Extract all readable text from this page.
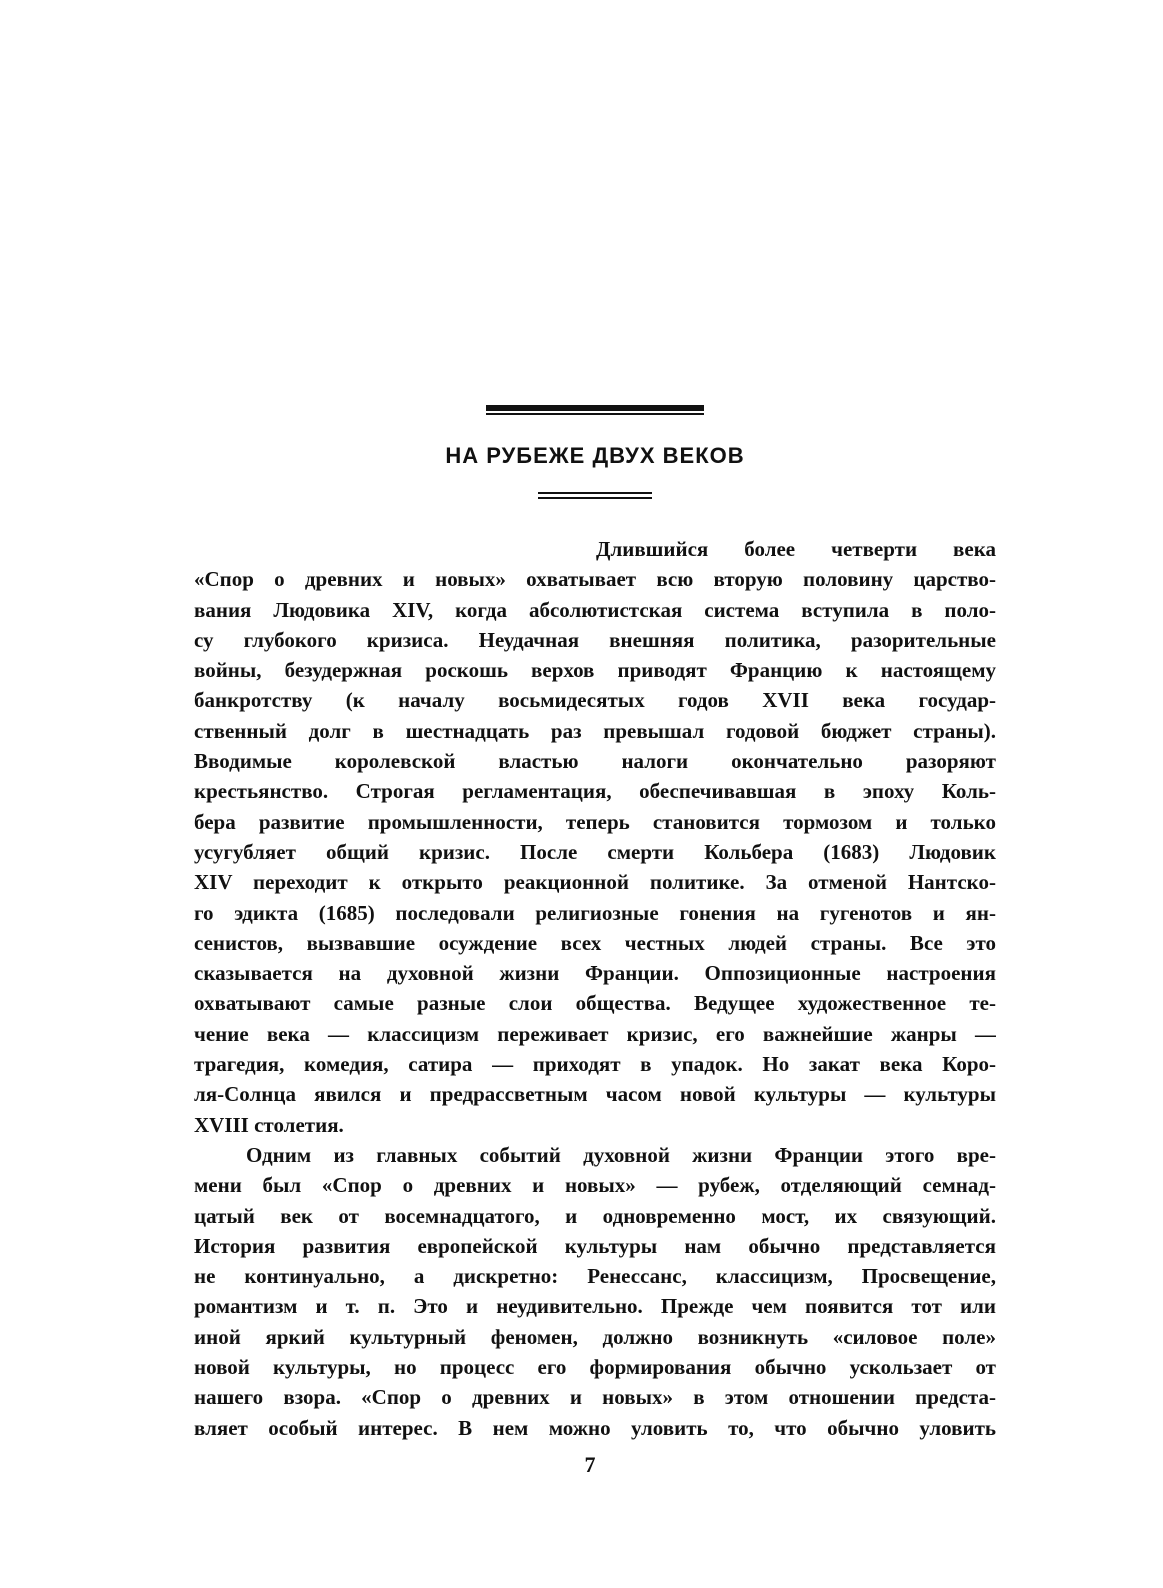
НА РУБЕЖЕ ДВУХ ВЕКОВ
Длившийся более четверти века
«Спор о древних и новых» охватывает всю вторую половину царство-
вания Людовика XIV, когда абсолютистская система вступила в поло-
су глубокого кризиса. Неудачная внешняя политика, разорительные
войны, безудержная роскошь верхов приводят Францию к настоящему
банкротству (к началу восьмидесятых годов XVII века государ-
ственный долг в шестнадцать раз превышал годовой бюджет страны).
Вводимые королевской властью налоги окончательно разоряют
крестьянство. Строгая регламентация, обеспечивавшая в эпоху Коль-
бера развитие промышленности, теперь становится тормозом и только
усугубляет общий кризис. После смерти Кольбера (1683) Людовик
XIV переходит к открыто реакционной политике. За отменой Нантско-
го эдикта (1685) последовали религиозные гонения на гугенотов и ян-
сенистов, вызвавшие осуждение всех честных людей страны. Все это
сказывается на духовной жизни Франции. Оппозиционные настроения
охватывают самые разные слои общества. Ведущее художественное те-
чение века — классицизм переживает кризис, его важнейшие жанры —
трагедия, комедия, сатира — приходят в упадок. Но закат века Коро-
ля-Солнца явился и предрассветным часом новой культуры — культуры
XVIII столетия.
Одним из главных событий духовной жизни Франции этого вре-
мени был «Спор о древних и новых» — рубеж, отделяющий семнад-
цатый век от восемнадцатого, и одновременно мост, их связующий.
История развития европейской культуры нам обычно представляется
не континуально, а дискретно: Ренессанс, классицизм, Просвещение,
романтизм и т. п. Это и неудивительно. Прежде чем появится тот или
иной яркий культурный феномен, должно возникнуть «силовое поле»
новой культуры, но процесс его формирования обычно ускользает от
нашего взора. «Спор о древних и новых» в этом отношении предста-
вляет особый интерес. В нем можно уловить то, что обычно уловить
7
